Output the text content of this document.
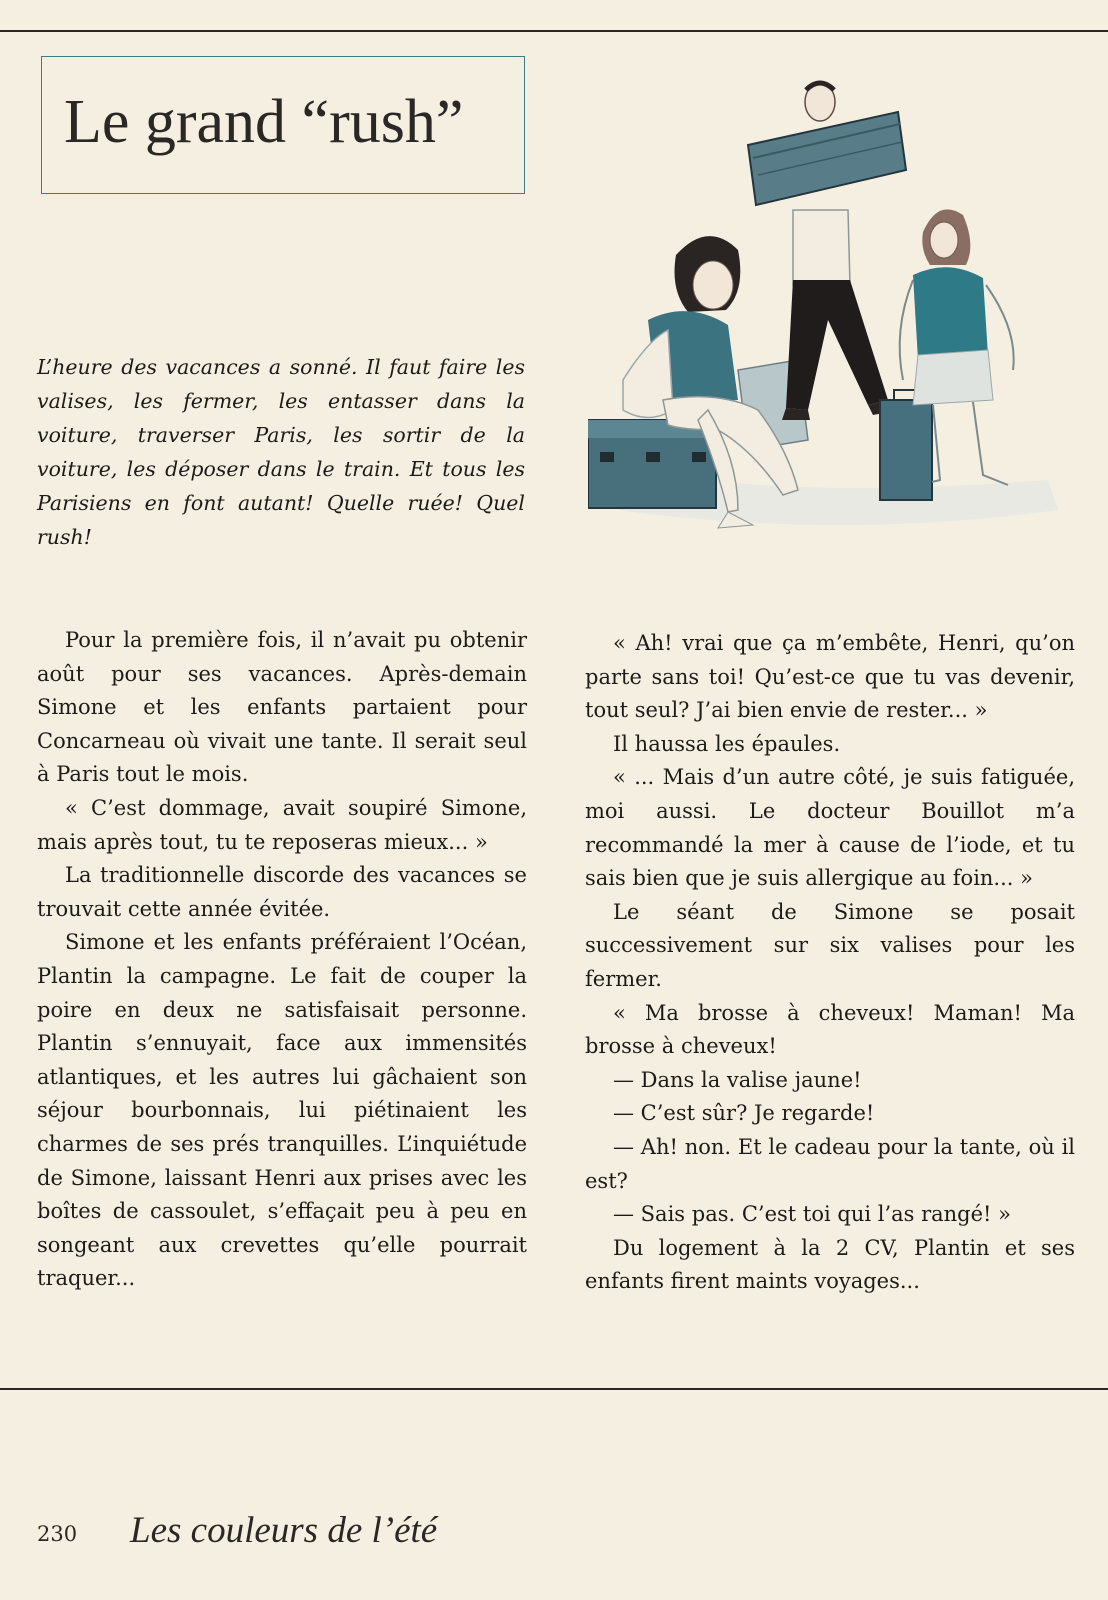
Le grand “rush”

L’heure des vacances a sonné. Il faut faire les valises, les fermer, les entasser dans la voiture, traverser Paris, les sortir de la voiture, les déposer dans le train. Et tous les Parisiens en font autant! Quelle ruée! Quel rush!

Pour la première fois, il n’avait pu obtenir août pour ses vacances. Après-demain Simone et les enfants partaient pour Concarneau où vivait une tante. Il serait seul à Paris tout le mois.

« C’est dommage, avait soupiré Simone, mais après tout, tu te reposeras mieux... »

La traditionnelle discorde des vacances se trouvait cette année évitée.

Simone et les enfants préféraient l’Océan, Plantin la campagne. Le fait de couper la poire en deux ne satisfaisait personne. Plantin s’ennuyait, face aux immensités atlantiques, et les autres lui gâchaient son séjour bourbonnais, lui piétinaient les charmes de ses prés tranquilles. L’inquiétude de Simone, laissant Henri aux prises avec les boîtes de cassoulet, s’effaçait peu à peu en songeant aux crevettes qu’elle pourrait traquer...

« Ah! vrai que ça m’embête, Henri, qu’on parte sans toi! Qu’est-ce que tu vas devenir, tout seul? J’ai bien envie de rester... »

Il haussa les épaules.

« ... Mais d’un autre côté, je suis fatiguée, moi aussi. Le docteur Bouillot m’a recommandé la mer à cause de l’iode, et tu sais bien que je suis allergique au foin... »

Le séant de Simone se posait successivement sur six valises pour les fermer.

« Ma brosse à cheveux! Maman! Ma brosse à cheveux!

— Dans la valise jaune!

— C’est sûr? Je regarde!

— Ah! non. Et le cadeau pour la tante, où il est?

— Sais pas. C’est toi qui l’as rangé! »

Du logement à la 2 CV, Plantin et ses enfants firent maints voyages...

230 Les couleurs de l’été
